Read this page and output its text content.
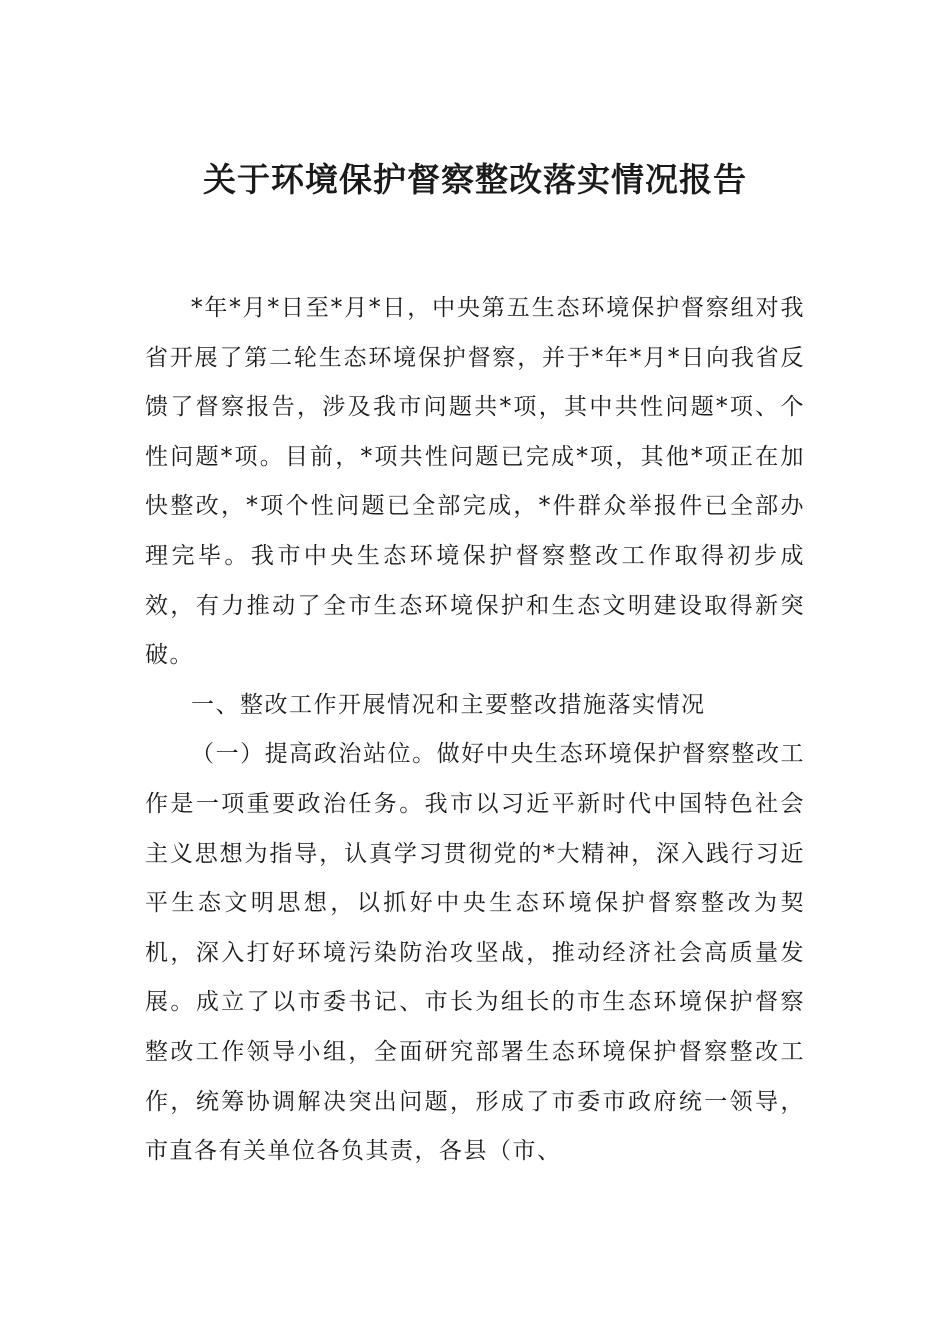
关于环境保护督察整改落实情况报告

*年*月*日至*月*日，中央第五生态环境保护督察组对我省开展了第二轮生态环境保护督察，并于*年*月*日向我省反馈了督察报告，涉及我市问题共*项，其中共性问题*项、个性问题*项。目前，*项共性问题已完成*项，其他*项正在加快整改，*项个性问题已全部完成，*件群众举报件已全部办理完毕。我市中央生态环境保护督察整改工作取得初步成效，有力推动了全市生态环境保护和生态文明建设取得新突破。

一、整改工作开展情况和主要整改措施落实情况

（一）提高政治站位。做好中央生态环境保护督察整改工作是一项重要政治任务。我市以习近平新时代中国特色社会主义思想为指导，认真学习贯彻党的*大精神，深入践行习近平生态文明思想，以抓好中央生态环境保护督察整改为契机，深入打好环境污染防治攻坚战，推动经济社会高质量发展。成立了以市委书记、市长为组长的市生态环境保护督察整改工作领导小组，全面研究部署生态环境保护督察整改工作，统筹协调解决突出问题，形成了市委市政府统一领导，市直各有关单位各负其责，各县（市、
